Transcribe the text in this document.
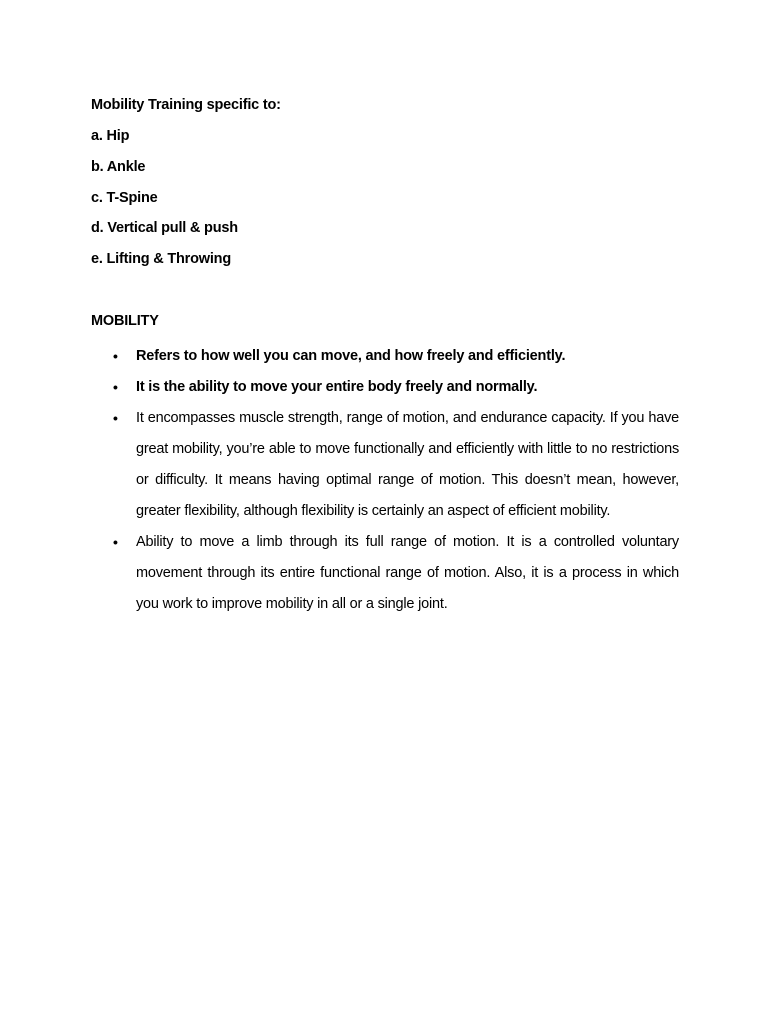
Mobility Training specific to:
a. Hip
b. Ankle
c. T-Spine
d. Vertical pull & push
e. Lifting & Throwing
MOBILITY
• Refers to how well you can move, and how freely and efficiently.
• It is the ability to move your entire body freely and normally.
• It encompasses muscle strength, range of motion, and endurance capacity. If you have great mobility, you’re able to move functionally and efficiently with little to no restrictions or difficulty. It means having optimal range of motion. This doesn’t mean, however, greater flexibility, although flexibility is certainly an aspect of efficient mobility.
• Ability to move a limb through its full range of motion. It is a controlled voluntary movement through its entire functional range of motion. Also, it is a process in which you work to improve mobility in all or a single joint.
